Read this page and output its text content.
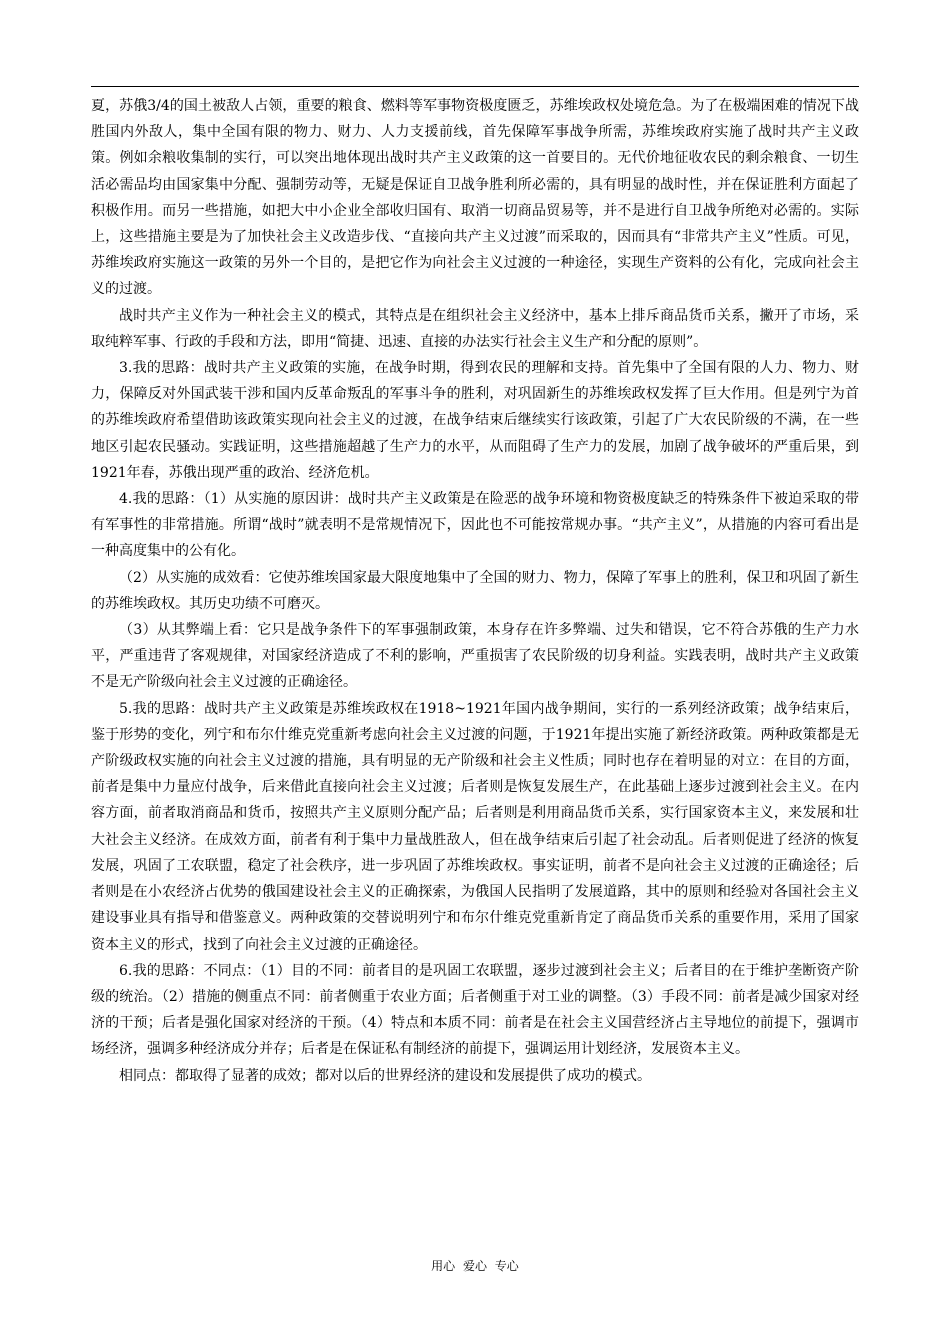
夏，苏俄3/4的国土被敌人占领，重要的粮食、燃料等军事物资极度匮乏，苏维埃政权处境危急。为了在极端困难的情况下战胜国内外敌人，集中全国有限的物力、财力、人力支援前线，首先保障军事战争所需，苏维埃政府实施了战时共产主义政策。例如余粮收集制的实行，可以突出地体现出战时共产主义政策的这一首要目的。无代价地征收农民的剩余粮食、一切生活必需品均由国家集中分配、强制劳动等，无疑是保证自卫战争胜利所必需的，具有明显的战时性，并在保证胜利方面起了积极作用。而另一些措施，如把大中小企业全部收归国有、取消一切商品贸易等，并不是进行自卫战争所绝对必需的。实际上，这些措施主要是为了加快社会主义改造步伐、“直接向共产主义过渡”而采取的，因而具有“非常共产主义”性质。可见，苏维埃政府实施这一政策的另外一个目的，是把它作为向社会主义过渡的一种途径，实现生产资料的公有化，完成向社会主义的过渡。

战时共产主义作为一种社会主义的模式，其特点是在组织社会主义经济中，基本上排斥商品货币关系，撇开了市场，采取纯粹军事、行政的手段和方法，即用“简捷、迅速、直接的办法实行社会主义生产和分配的原则”。

3.我的思路：战时共产主义政策的实施，在战争时期，得到农民的理解和支持。首先集中了全国有限的人力、物力、财力，保障反对外国武装干涉和国内反革命叛乱的军事斗争的胜利，对巩固新生的苏维埃政权发挥了巨大作用。但是列宁为首的苏维埃政府希望借助该政策实现向社会主义的过渡，在战争结束后继续实行该政策，引起了广大农民阶级的不满，在一些地区引起农民骚动。实践证明，这些措施超越了生产力的水平，从而阻碍了生产力的发展，加剧了战争破坏的严重后果，到1921年春，苏俄出现严重的政治、经济危机。

4.我的思路：（1）从实施的原因讲：战时共产主义政策是在险恶的战争环境和物资极度缺乏的特殊条件下被迫采取的带有军事性的非常措施。所谓“战时”就表明不是常规情况下，因此也不可能按常规办事。“共产主义”，从措施的内容可看出是一种高度集中的公有化。

（2）从实施的成效看：它使苏维埃国家最大限度地集中了全国的财力、物力，保障了军事上的胜利，保卫和巩固了新生的苏维埃政权。其历史功绩不可磨灭。

（3）从其弊端上看：它只是战争条件下的军事强制政策，本身存在许多弊端、过失和错误，它不符合苏俄的生产力水平，严重违背了客观规律，对国家经济造成了不利的影响，严重损害了农民阶级的切身利益。实践表明，战时共产主义政策不是无产阶级向社会主义过渡的正确途径。

5.我的思路：战时共产主义政策是苏维埃政权在1918~1921年国内战争期间，实行的一系列经济政策；战争结束后，鉴于形势的变化，列宁和布尔什维克党重新考虑向社会主义过渡的问题，于1921年提出实施了新经济政策。两种政策都是无产阶级政权实施的向社会主义过渡的措施，具有明显的无产阶级和社会主义性质；同时也存在着明显的对立：在目的方面，前者是集中力量应付战争，后来借此直接向社会主义过渡；后者则是恢复发展生产，在此基础上逐步过渡到社会主义。在内容方面，前者取消商品和货币，按照共产主义原则分配产品；后者则是利用商品货币关系，实行国家资本主义，来发展和壮大社会主义经济。在成效方面，前者有利于集中力量战胜敌人，但在战争结束后引起了社会动乱。后者则促进了经济的恢复发展，巩固了工农联盟，稳定了社会秩序，进一步巩固了苏维埃政权。事实证明，前者不是向社会主义过渡的正确途径；后者则是在小农经济占优势的俄国建设社会主义的正确探索，为俄国人民指明了发展道路，其中的原则和经验对各国社会主义建设事业具有指导和借鉴意义。两种政策的交替说明列宁和布尔什维克党重新肯定了商品货币关系的重要作用，采用了国家资本主义的形式，找到了向社会主义过渡的正确途径。

6.我的思路：不同点：（1）目的不同：前者目的是巩固工农联盟，逐步过渡到社会主义；后者目的在于维护垄断资产阶级的统治。（2）措施的侧重点不同：前者侧重于农业方面；后者侧重于对工业的调整。（3）手段不同：前者是减少国家对经济的干预；后者是强化国家对经济的干预。（4）特点和本质不同：前者是在社会主义国营经济占主导地位的前提下，强调市场经济，强调多种经济成分并存；后者是在保证私有制经济的前提下，强调运用计划经济，发展资本主义。

相同点：都取得了显著的成效；都对以后的世界经济的建设和发展提供了成功的模式。

用心 爱心 专心
